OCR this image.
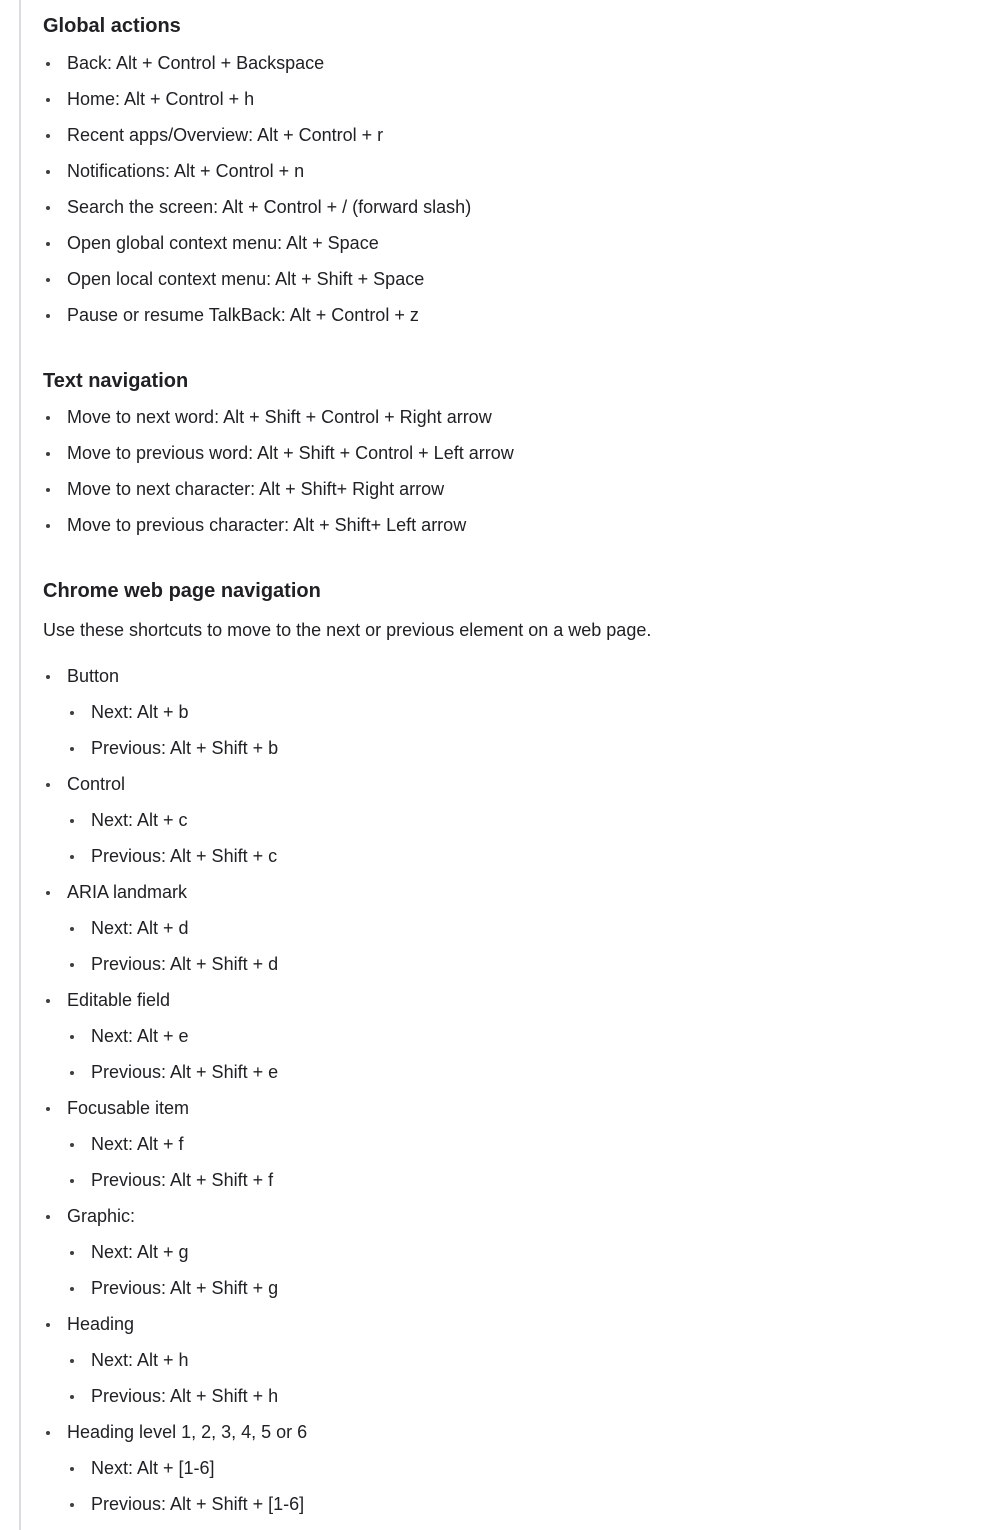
Global actions
Back: Alt + Control + Backspace
Home: Alt + Control + h
Recent apps/Overview: Alt + Control + r
Notifications: Alt + Control + n
Search the screen: Alt + Control + / (forward slash)
Open global context menu: Alt + Space
Open local context menu: Alt + Shift + Space
Pause or resume TalkBack: Alt + Control + z
Text navigation
Move to next word: Alt + Shift + Control + Right arrow
Move to previous word: Alt + Shift + Control + Left arrow
Move to next character: Alt + Shift+ Right arrow
Move to previous character: Alt + Shift+ Left arrow
Chrome web page navigation

Use these shortcuts to move to the next or previous element on a web page.

Button
Next: Alt + b
Previous: Alt + Shift + b
Control
Next: Alt + c
Previous: Alt + Shift + c
ARIA landmark
Next: Alt + d
Previous: Alt + Shift + d
Editable field
Next: Alt + e
Previous: Alt + Shift + e
Focusable item
Next: Alt + f
Previous: Alt + Shift + f
Graphic:
Next: Alt + g
Previous: Alt + Shift + g
Heading
Next: Alt + h
Previous: Alt + Shift + h
Heading level 1, 2, 3, 4, 5 or 6
Next: Alt + [1-6]
Previous: Alt + Shift + [1-6]
